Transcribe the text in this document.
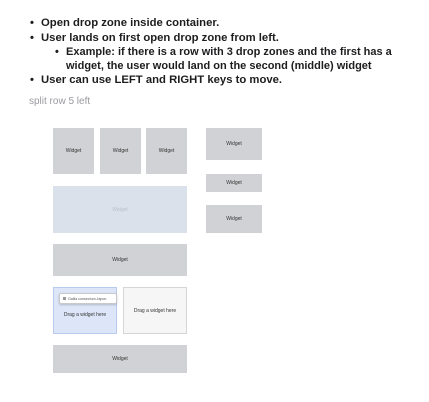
• Open drop zone inside container.
• User lands on first open drop zone from left.
• Example: if there is a row with 3 drop zones and the first has a widget, the user would land on the second (middle) widget
• User can use LEFT and RIGHT keys to move.
split row 5 left
Widget	Widget	Widget
Widget
Widget
Gallia consectum Japon
Drag a widget here
Drag a widget here
Widget
Widget
Widget
Widget
